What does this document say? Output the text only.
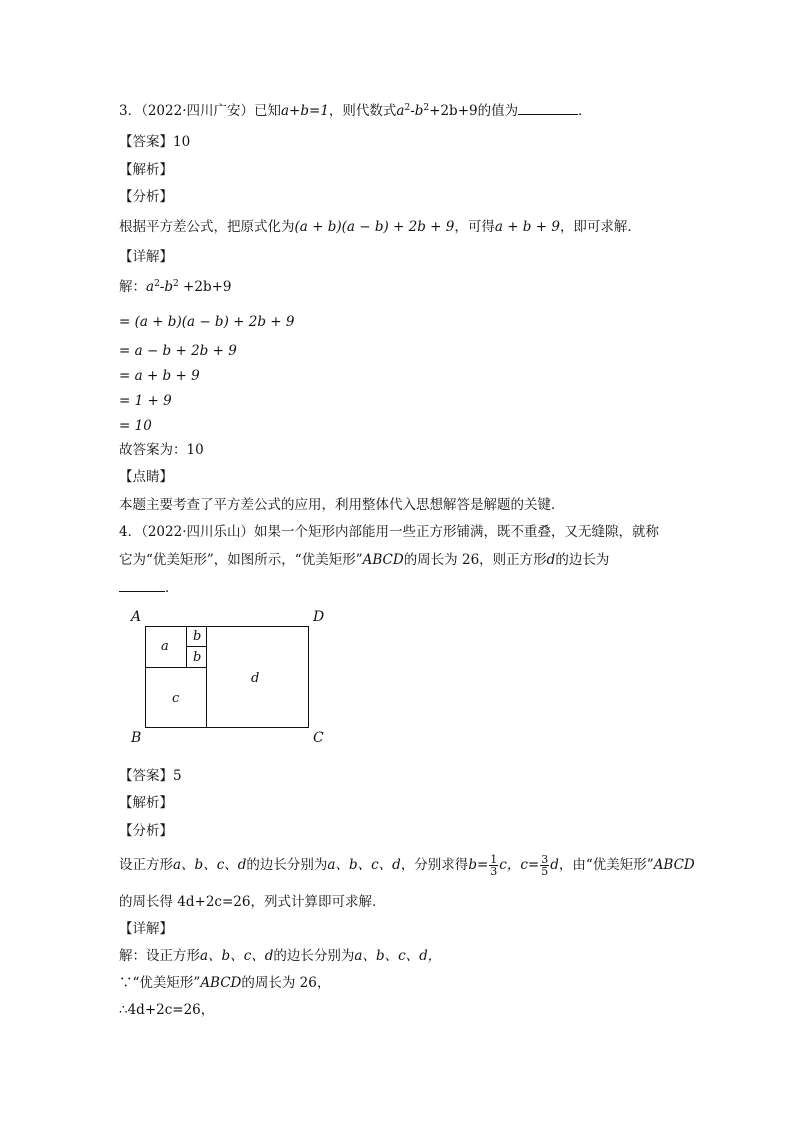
3．（2022·四川广安）已知a+b=1，则代数式$a^2-b^2+2b+9$的值为	．
【答案】10
【解析】
【分析】
根据平方差公式，把原式化为(a + b)(a − b) + 2b + 9，可得a + b + 9，即可求解．
【详解】
解：$a^2-b^2 +2b+9$
= (a + b)(a − b) + 2b + 9
= a − b + 2b + 9
= a + b + 9
= 1 + 9
= 10
故答案为：10
【点睛】
本题主要考查了平方差公式的应用，利用整体代入思想解答是解题的关键．
4．（2022·四川乐山）如果一个矩形内部能用一些正方形铺满，既不重叠，又无缝隙，就称
它为“优美矩形”，如图所示，“优美矩形”ABCD的周长为 26，则正方形d的边长为
．
A	D
B	C
a
b
b
c
d
【答案】5
【解析】
【分析】
设正方形a、b、c、d的边长分别为a、b、c、d，分别求得$b= \frac{1}{3}$ c，$c= \frac{3}{5}$ d，由“优美矩形”ABCD
的周长得 4d+2c=26，列式计算即可求解．
【详解】
解：设正方形a、b、c、d的边长分别为a、b、c、d，
∵“优美矩形”ABCD的周长为 26，
∴4d+2c=26，
